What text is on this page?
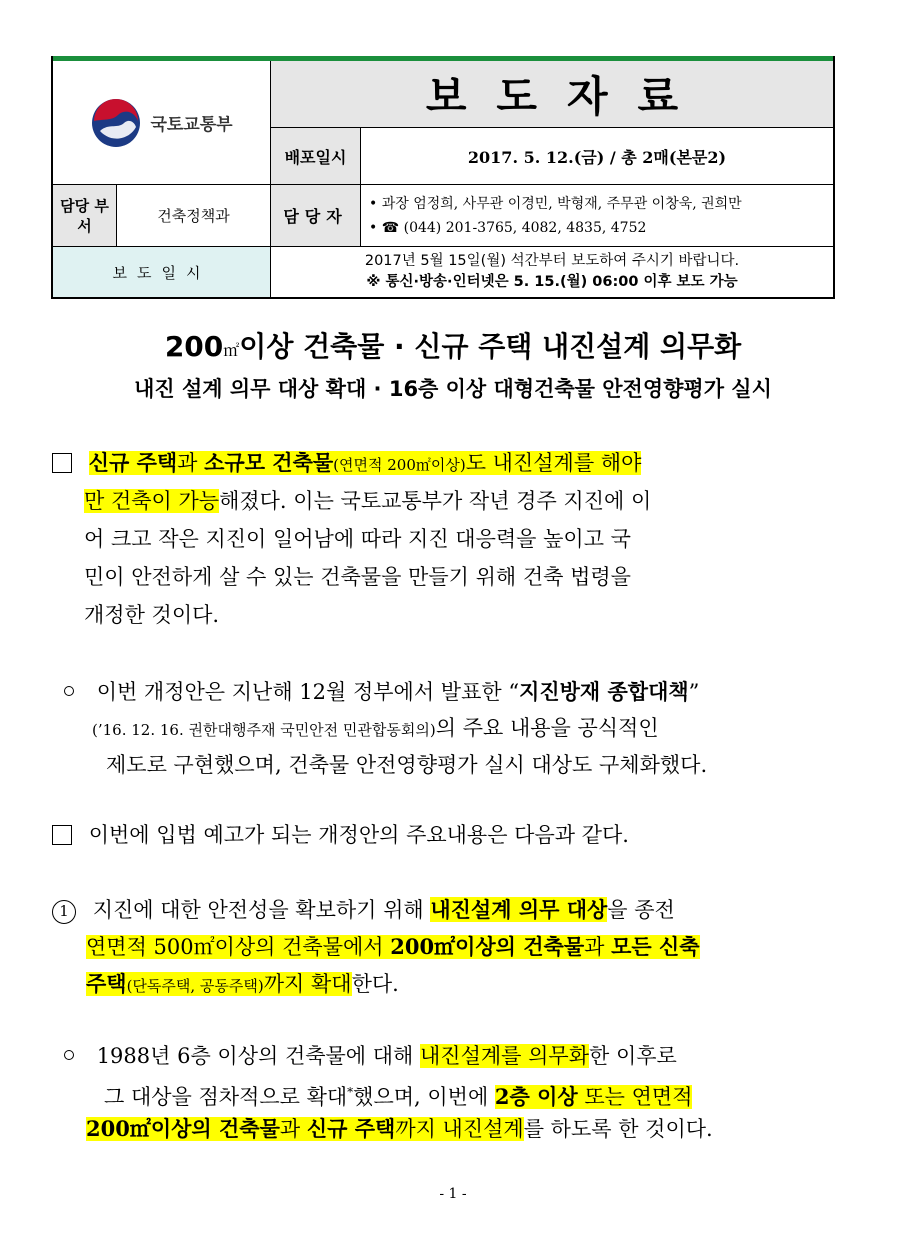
국토교통부
보도자료
배포일시	2017. 5. 12.(금) / 총 2매(본문2)
담당 부서
건축정책과	담당자
• 과장 엄정희, 사무관 이경민, 박형재, 주무관 이창욱, 권희만
• ☎ (044) 201-3765, 4082, 4835, 4752
보도일시
2017년 5월 15일(월) 석간부터 보도하여 주시기 바랍니다.
※ 통신·방송·인터넷은 5. 15.(월) 06:00 이후 보도 가능
200㎡이상 건축물 · 신규 주택 내진설계 의무화
내진 설계 의무 대상 확대 · 16층 이상 대형건축물 안전영향평가 실시
신규 주택과 소규모 건축물(연면적 200㎡이상)도 내진설계를 해야
만 건축이 가능해졌다. 이는 국토교통부가 작년 경주 지진에 이
어 크고 작은 지진이 일어남에 따라 지진 대응력을 높이고 국
민이 안전하게 살 수 있는 건축물을 만들기 위해 건축 법령을
개정한 것이다.
이번 개정안은 지난해 12월 정부에서 발표한 “지진방재 종합대책”
(’16. 12. 16. 권한대행주재 국민안전 민관합동회의)의 주요 내용을 공식적인
제도로 구현했으며, 건축물 안전영향평가 실시 대상도 구체화했다.
이번에 입법 예고가 되는 개정안의 주요내용은 다음과 같다.
1 지진에 대한 안전성을 확보하기 위해 내진설계 의무 대상을 종전
연면적 500㎡이상의 건축물에서 200㎡이상의 건축물과 모든 신축
주택(단독주택, 공동주택)까지 확대한다.
1988년 6층 이상의 건축물에 대해 내진설계를 의무화한 이후로
그 대상을 점차적으로 확대*했으며, 이번에 2층 이상 또는 연면적
200㎡이상의 건축물과 신규 주택까지 내진설계를 하도록 한 것이다.
- 1 -
